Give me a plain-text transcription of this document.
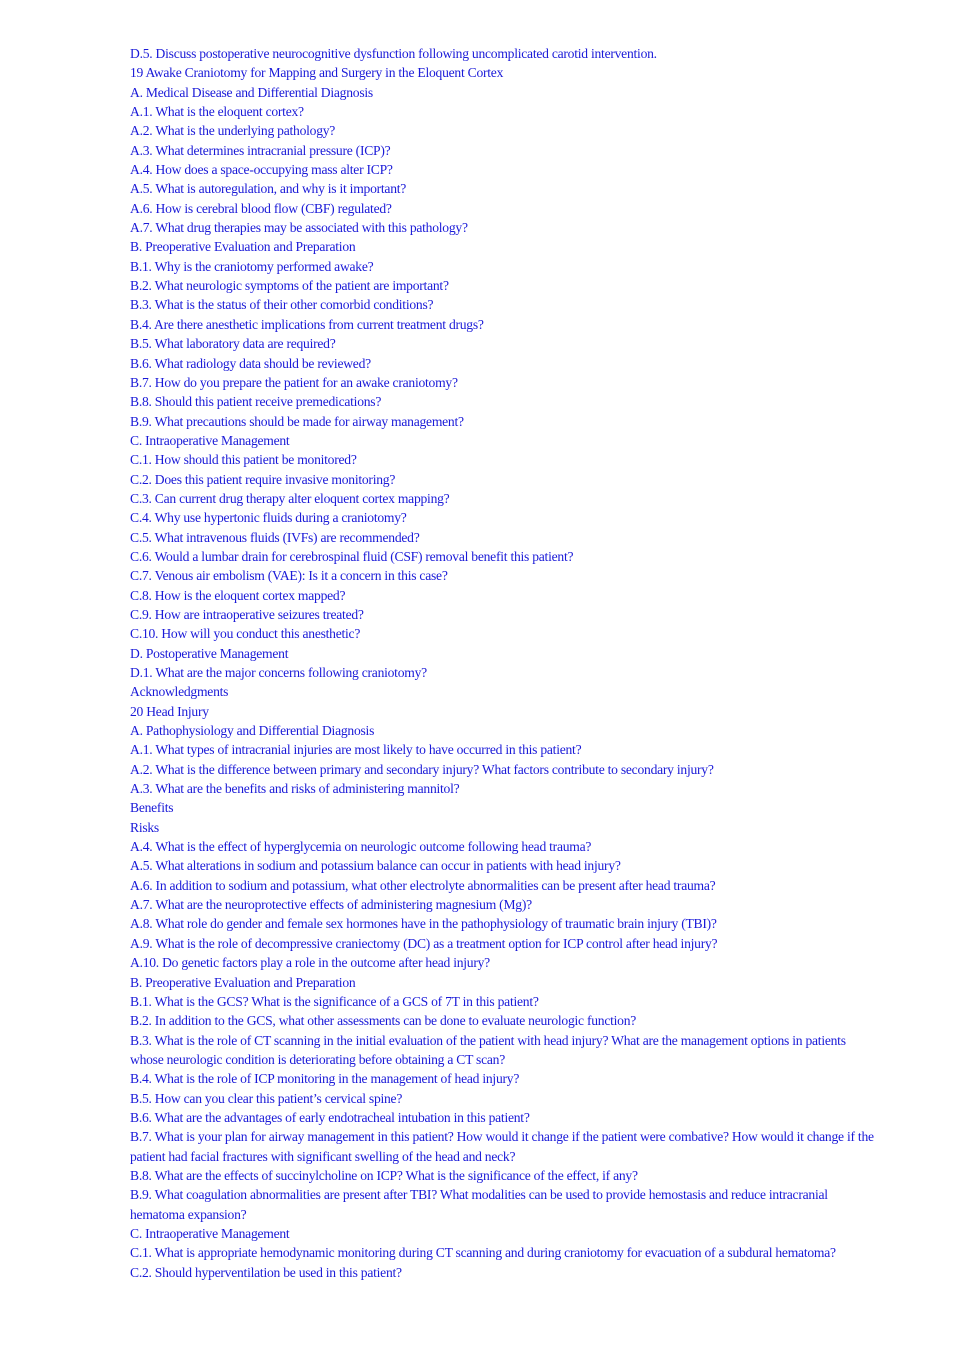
D.5. Discuss postoperative neurocognitive dysfunction following uncomplicated carotid intervention.
19 Awake Craniotomy for Mapping and Surgery in the Eloquent Cortex
A. Medical Disease and Differential Diagnosis
A.1. What is the eloquent cortex?
A.2. What is the underlying pathology?
A.3. What determines intracranial pressure (ICP)?
A.4. How does a space-occupying mass alter ICP?
A.5. What is autoregulation, and why is it important?
A.6. How is cerebral blood flow (CBF) regulated?
A.7. What drug therapies may be associated with this pathology?
B. Preoperative Evaluation and Preparation
B.1. Why is the craniotomy performed awake?
B.2. What neurologic symptoms of the patient are important?
B.3. What is the status of their other comorbid conditions?
B.4. Are there anesthetic implications from current treatment drugs?
B.5. What laboratory data are required?
B.6. What radiology data should be reviewed?
B.7. How do you prepare the patient for an awake craniotomy?
B.8. Should this patient receive premedications?
B.9. What precautions should be made for airway management?
C. Intraoperative Management
C.1. How should this patient be monitored?
C.2. Does this patient require invasive monitoring?
C.3. Can current drug therapy alter eloquent cortex mapping?
C.4. Why use hypertonic fluids during a craniotomy?
C.5. What intravenous fluids (IVFs) are recommended?
C.6. Would a lumbar drain for cerebrospinal fluid (CSF) removal benefit this patient?
C.7. Venous air embolism (VAE): Is it a concern in this case?
C.8. How is the eloquent cortex mapped?
C.9. How are intraoperative seizures treated?
C.10. How will you conduct this anesthetic?
D. Postoperative Management
D.1. What are the major concerns following craniotomy?
Acknowledgments
20 Head Injury
A. Pathophysiology and Differential Diagnosis
A.1. What types of intracranial injuries are most likely to have occurred in this patient?
A.2. What is the difference between primary and secondary injury? What factors contribute to secondary injury?
A.3. What are the benefits and risks of administering mannitol?
Benefits
Risks
A.4. What is the effect of hyperglycemia on neurologic outcome following head trauma?
A.5. What alterations in sodium and potassium balance can occur in patients with head injury?
A.6. In addition to sodium and potassium, what other electrolyte abnormalities can be present after head trauma?
A.7. What are the neuroprotective effects of administering magnesium (Mg)?
A.8. What role do gender and female sex hormones have in the pathophysiology of traumatic brain injury (TBI)?
A.9. What is the role of decompressive craniectomy (DC) as a treatment option for ICP control after head injury?
A.10. Do genetic factors play a role in the outcome after head injury?
B. Preoperative Evaluation and Preparation
B.1. What is the GCS? What is the significance of a GCS of 7T in this patient?
B.2. In addition to the GCS, what other assessments can be done to evaluate neurologic function?
B.3. What is the role of CT scanning in the initial evaluation of the patient with head injury? What are the management options in patients whose neurologic condition is deteriorating before obtaining a CT scan?
B.4. What is the role of ICP monitoring in the management of head injury?
B.5. How can you clear this patient’s cervical spine?
B.6. What are the advantages of early endotracheal intubation in this patient?
B.7. What is your plan for airway management in this patient? How would it change if the patient were combative? How would it change if the patient had facial fractures with significant swelling of the head and neck?
B.8. What are the effects of succinylcholine on ICP? What is the significance of the effect, if any?
B.9. What coagulation abnormalities are present after TBI? What modalities can be used to provide hemostasis and reduce intracranial hematoma expansion?
C. Intraoperative Management
C.1. What is appropriate hemodynamic monitoring during CT scanning and during craniotomy for evacuation of a subdural hematoma?
C.2. Should hyperventilation be used in this patient?
